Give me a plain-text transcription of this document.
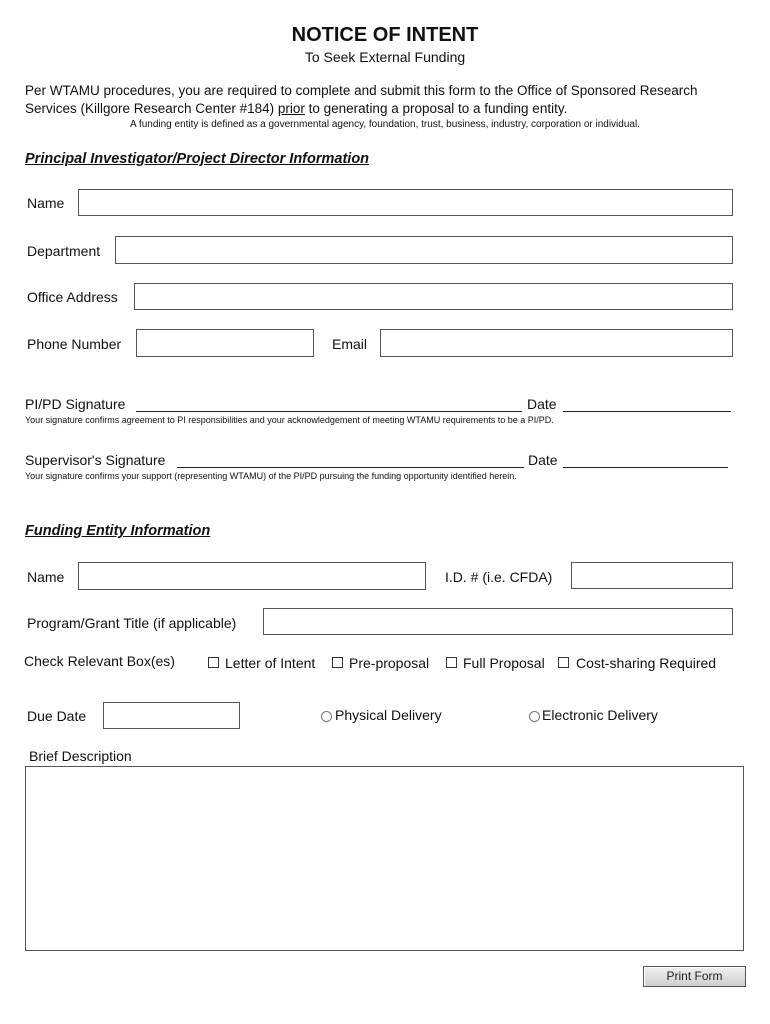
NOTICE OF INTENT
To Seek External Funding
Per WTAMU procedures, you are required to complete and submit this form to the Office of Sponsored Research
Services (Killgore Research Center #184) prior to generating a proposal to a funding entity.
A funding entity is defined as a governmental agency, foundation, trust, business, industry, corporation or individual.
Principal Investigator/Project Director Information
Name
Department
Office Address
Phone Number	Email
PI/PD Signature	Date
Your signature confirms agreement to PI responsibilities and your acknowledgement of meeting WTAMU requirements to be a PI/PD.
Supervisor's Signature	Date
Your signature confirms your support (representing WTAMU) of the PI/PD pursuing the funding opportunity identified herein.
Funding Entity Information
Name	I.D. # (i.e. CFDA)
Program/Grant Title (if applicable)
Check Relevant Box(es)	Letter of Intent Pre-proposal Full Proposal Cost-sharing Required
Due Date	Physical Delivery	Electronic Delivery
Brief Description
Print Form
